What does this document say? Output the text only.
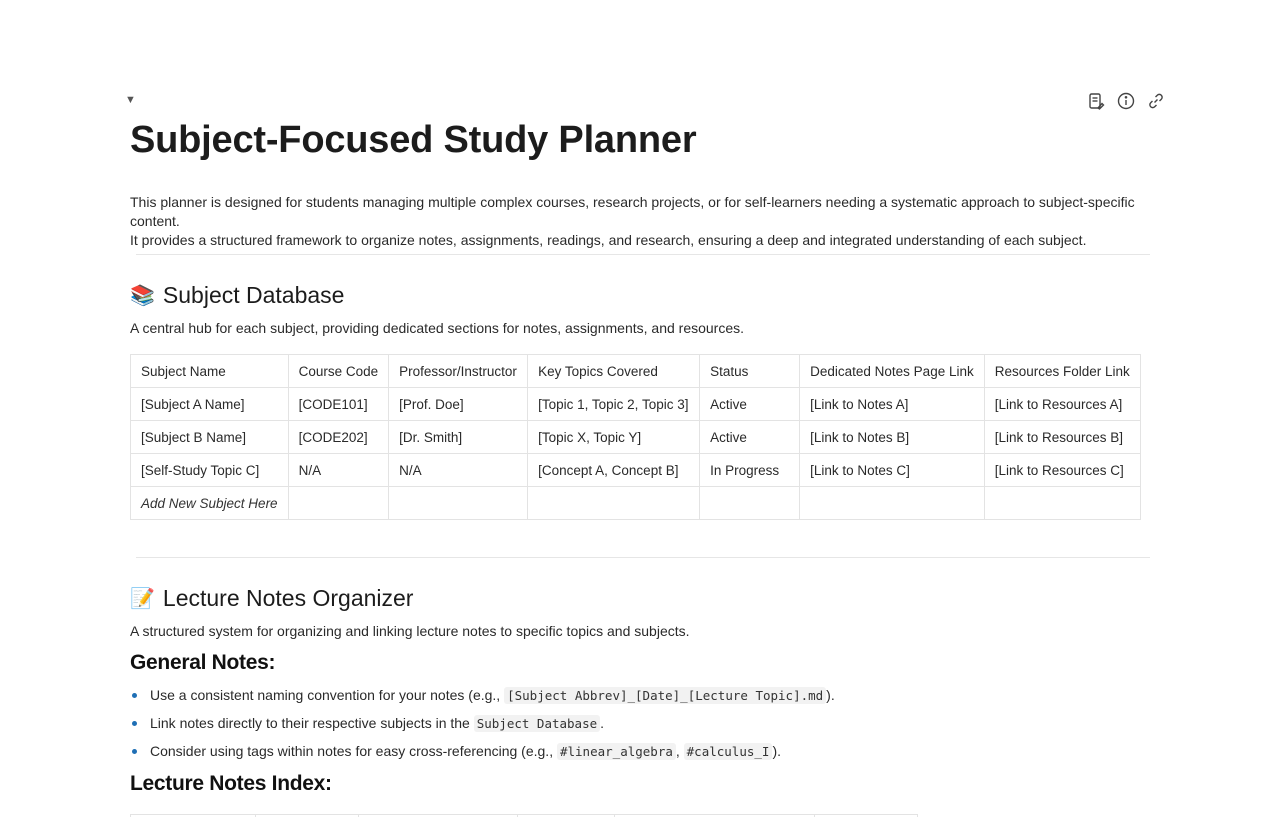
▼
Subject-Focused Study Planner

This planner is designed for students managing multiple complex courses, research projects, or for self-learners needing a systematic approach to subject-specific content.

It provides a structured framework to organize notes, assignments, readings, and research, ensuring a deep and integrated understanding of each subject.

📚 Subject Database

A central hub for each subject, providing dedicated sections for notes, assignments, and resources.

Subject Name	Course Code	Professor/Instructor	Key Topics Covered	Status	Dedicated Notes Page Link	Resources Folder Link
[Subject A Name]	[CODE101]	[Prof. Doe]	[Topic 1, Topic 2, Topic 3]	Active	[Link to Notes A]	[Link to Resources A]
[Subject B Name]	[CODE202]	[Dr. Smith]	[Topic X, Topic Y]	Active	[Link to Notes B]	[Link to Resources B]
[Self-Study Topic C]	N/A	N/A	[Concept A, Concept B]	In Progress	[Link to Notes C]	[Link to Resources C]
Add New Subject Here						
📝 Lecture Notes Organizer

A structured system for organizing and linking lecture notes to specific topics and subjects.

General Notes:
Use a consistent naming convention for your notes (e.g., [Subject Abbrev]_[Date]_[Lecture Topic].md ).
Link notes directly to their respective subjects in the Subject Database .
Consider using tags within notes for easy cross-referencing (e.g., #linear_algebra , #calculus_I ).
Lecture Notes Index:
